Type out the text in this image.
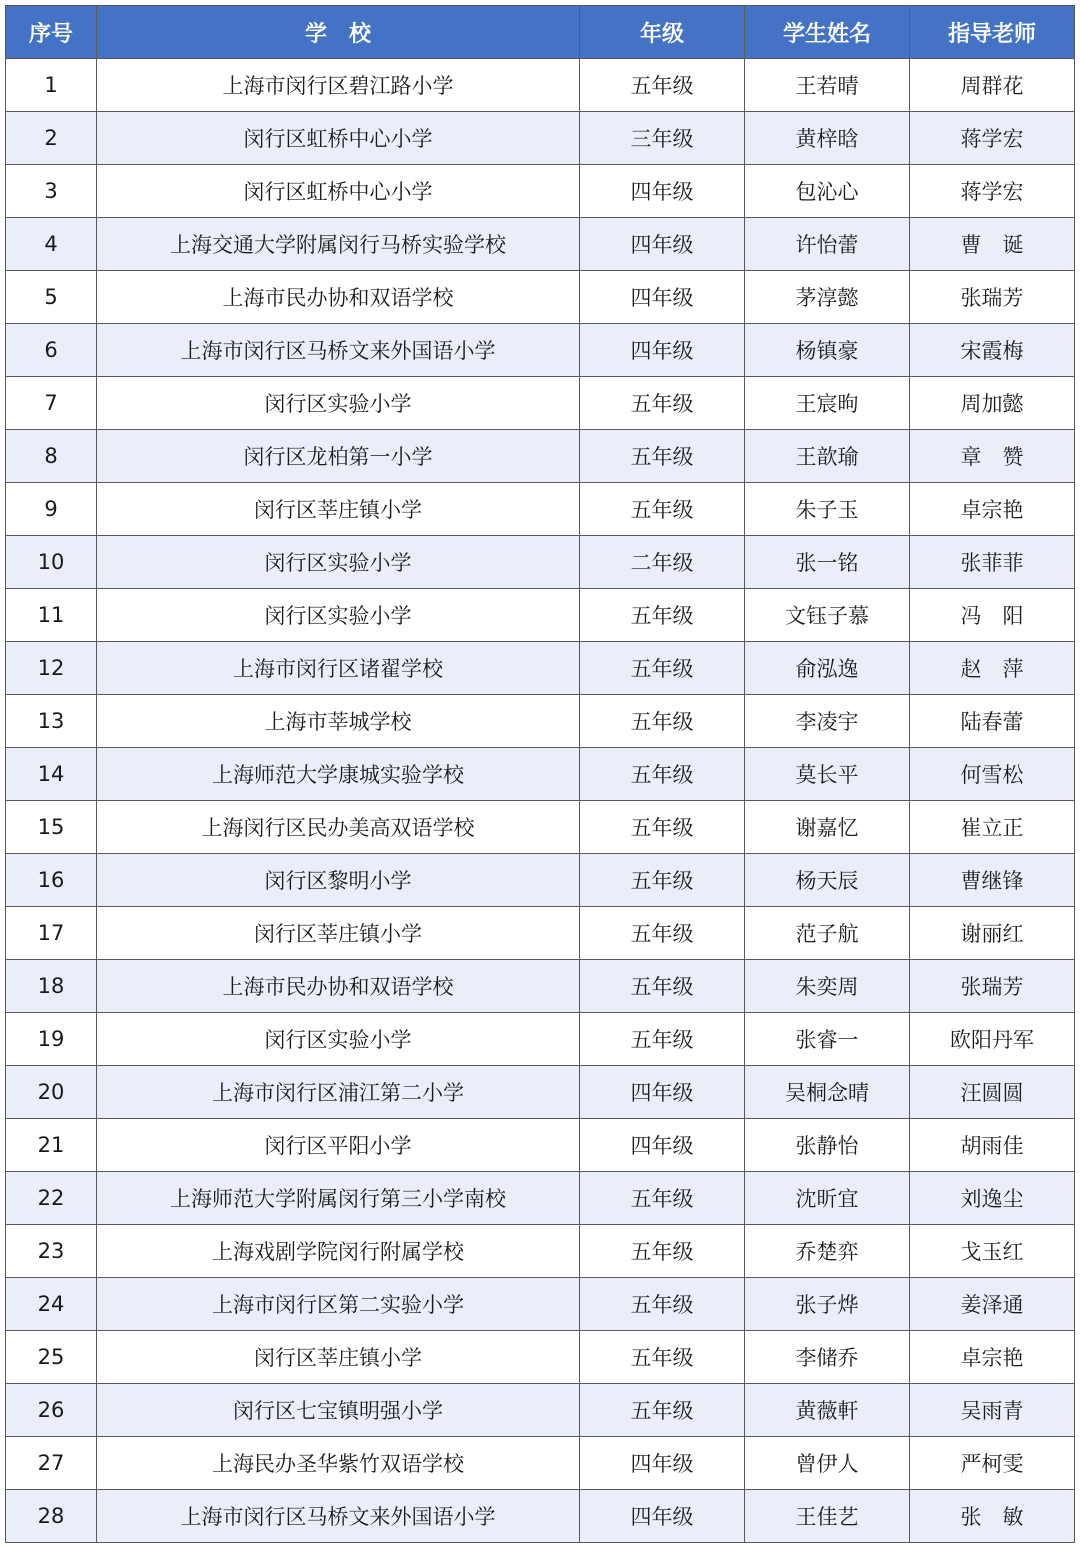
序号	学　校	年级	学生姓名	指导老师
1	上海市闵行区碧江路小学	五年级	王若晴	周群花
2	闵行区虹桥中心小学	三年级	黄梓晗	蒋学宏
3	闵行区虹桥中心小学	四年级	包沁心	蒋学宏
4	上海交通大学附属闵行马桥实验学校	四年级	许怡蕾	曹　诞
5	上海市民办协和双语学校	四年级	茅淳懿	张瑞芳
6	上海市闵行区马桥文来外国语小学	四年级	杨镇豪	宋霞梅
7	闵行区实验小学	五年级	王宸昫	周加懿
8	闵行区龙柏第一小学	五年级	王歆瑜	章　赞
9	闵行区莘庄镇小学	五年级	朱子玉	卓宗艳
10	闵行区实验小学	二年级	张一铭	张菲菲
11	闵行区实验小学	五年级	文钰子慕	冯　阳
12	上海市闵行区诸翟学校	五年级	俞泓逸	赵　萍
13	上海市莘城学校	五年级	李凌宇	陆春蕾
14	上海师范大学康城实验学校	五年级	莫长平	何雪松
15	上海闵行区民办美高双语学校	五年级	谢嘉忆	崔立正
16	闵行区黎明小学	五年级	杨天辰	曹继锋
17	闵行区莘庄镇小学	五年级	范子航	谢丽红
18	上海市民办协和双语学校	五年级	朱奕周	张瑞芳
19	闵行区实验小学	五年级	张睿一	欧阳丹军
20	上海市闵行区浦江第二小学	四年级	吴桐念晴	汪圆圆
21	闵行区平阳小学	四年级	张静怡	胡雨佳
22	上海师范大学附属闵行第三小学南校	五年级	沈昕宜	刘逸尘
23	上海戏剧学院闵行附属学校	五年级	乔楚弈	戈玉红
24	上海市闵行区第二实验小学	五年级	张子烨	姜泽通
25	闵行区莘庄镇小学	五年级	李储乔	卓宗艳
26	闵行区七宝镇明强小学	五年级	黄薇軒	吴雨青
27	上海民办圣华紫竹双语学校	四年级	曾伊人	严柯雯
28	上海市闵行区马桥文来外国语小学	四年级	王佳艺	张　敏
